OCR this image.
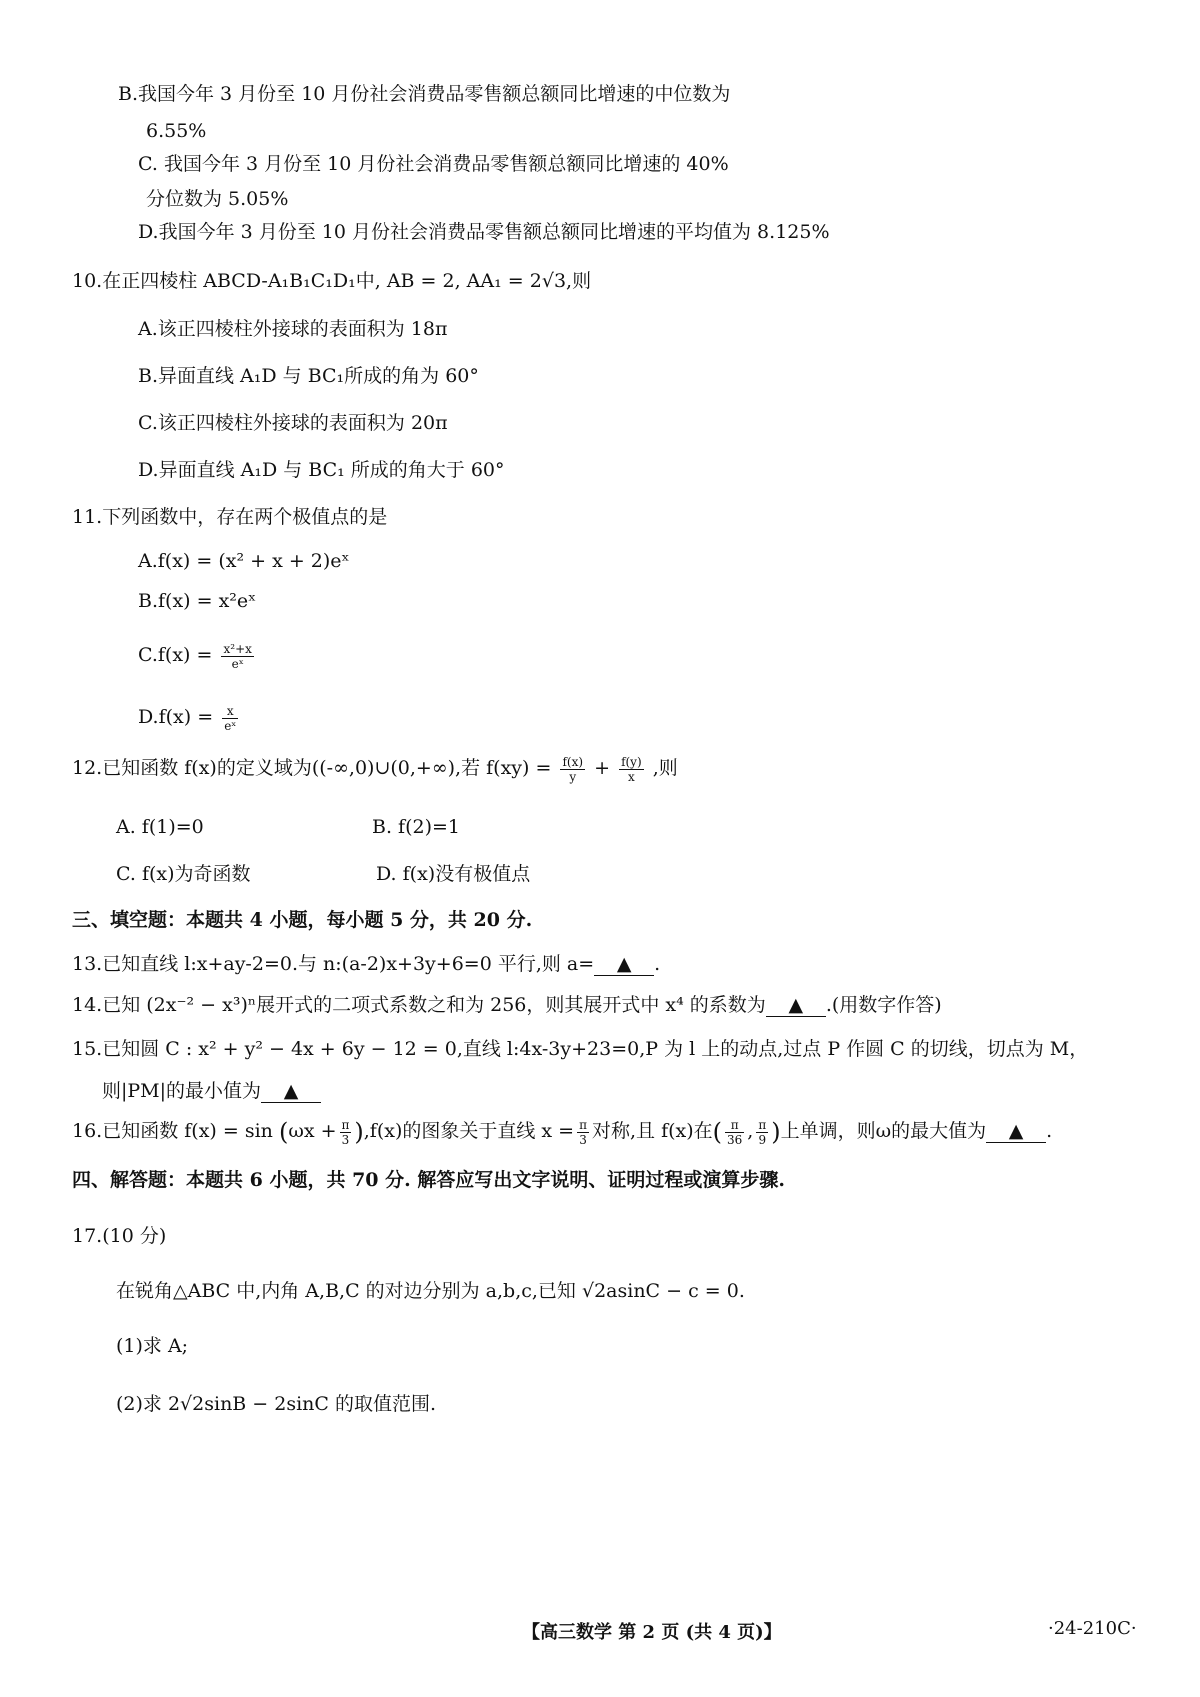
B.我国今年 3 月份至 10 月份社会消费品零售额总额同比增速的中位数为
6.55%
C. 我国今年 3 月份至 10 月份社会消费品零售额总额同比增速的 40%
分位数为 5.05%
D.我国今年 3 月份至 10 月份社会消费品零售额总额同比增速的平均值为 8.125%
10.在正四棱柱 ABCD-A₁B₁C₁D₁中, AB = 2, AA₁ = 2√3,则
A.该正四棱柱外接球的表面积为 18π
B.异面直线 A₁D 与 BC₁所成的角为 60°
C.该正四棱柱外接球的表面积为 20π
D.异面直线 A₁D 与 BC₁ 所成的角大于 60°
11.下列函数中，存在两个极值点的是
A.f(x) = (x² + x + 2)eˣ
B.f(x) = x²eˣ
$C.f(x) = \frac{\text{x²+x}}{\text{eˣ}}$
$D.f(x) = \frac{x}{\text{eˣ}}$
12.已知函数 f(x)的定义域为((-∞,0)∪(0,+∞),若 $f(xy) = \frac{f(x)}{y} + \frac{f(y)}{x}$ ,则
A. f(1)=0	B. f(2)=1
C. f(x)为奇函数	D. f(x)没有极值点
三、填空题：本题共 4 小题，每小题 5 分，共 20 分.
13.已知直线 l:x+ay-2=0.与 n:(a-2)x+3y+6=0 平行,则 a= ▲ .
14.已知 (2x⁻² − x³)ⁿ展开式的二项式系数之和为 256，则其展开式中 x⁴ 的系数为 ▲ .(用数字作答)
15.已知圆 C : x² + y² − 4x + 6y − 12 = 0,直线 l:4x-3y+23=0,P 为 l 上的动点,过点 P 作圆 C 的切线，切点为 M，
则|PM|的最小值为 ▲
16.已知函数 $f(x) = \sin (\omega x + \frac{\pi}{3} ),f(x)$的图象关于直线 $x = \frac{\pi}{3}$ 对称,且 f(x)在( $\frac{\pi}{36}$ , $\frac{\pi}{9}$ )上单调，则ω的最大值为 ▲ .
四、解答题：本题共 6 小题，共 70 分. 解答应写出文字说明、证明过程或演算步骤.
17.(10 分)
在锐角△ABC 中,内角 A,B,C 的对边分别为 a,b,c,已知 √2asinC − c = 0.
(1)求 A;
(2)求 2√2sinB − 2sinC 的取值范围.
【高三数学 第 2 页 (共 4 页)】	·24-210C·
